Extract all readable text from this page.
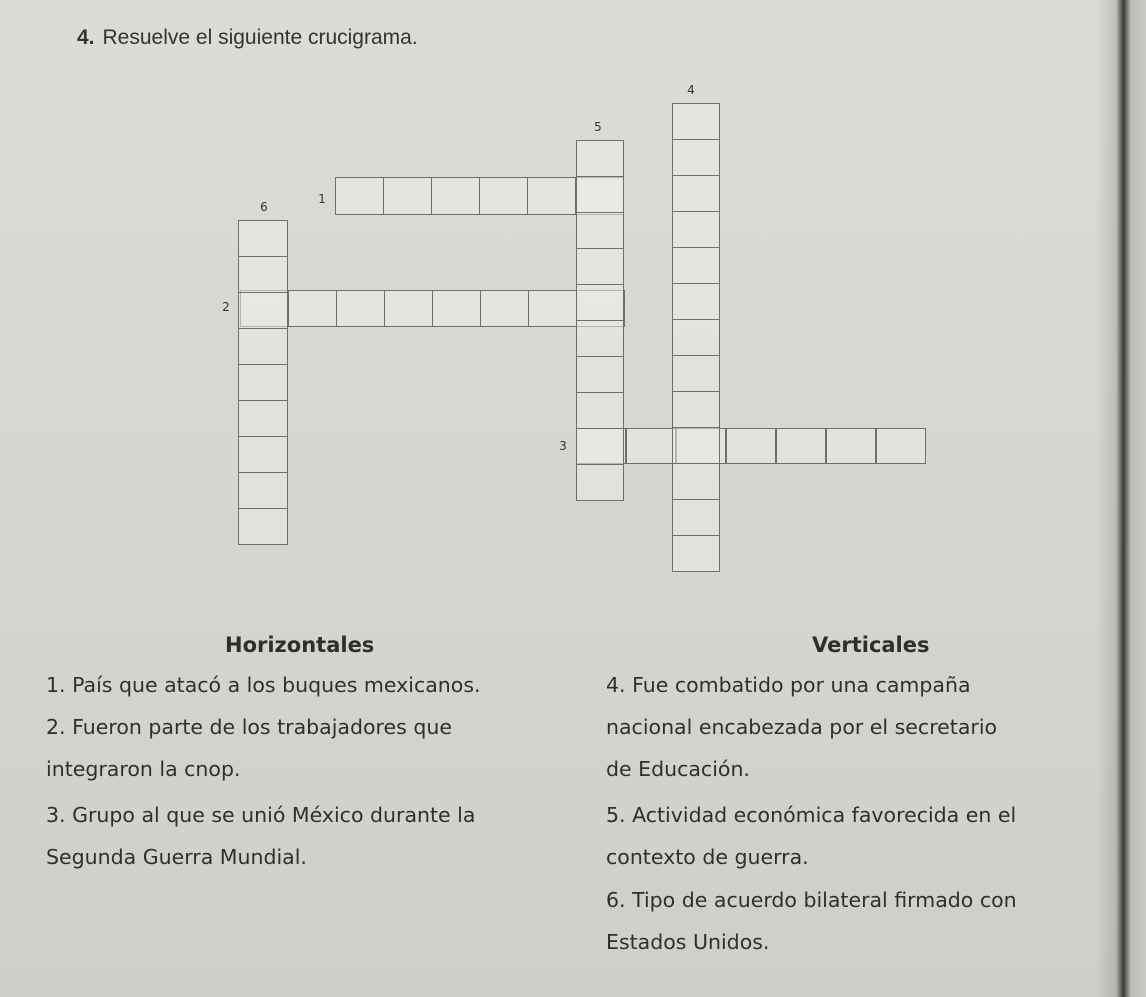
4. Resuelve el siguiente crucigrama.
1
2
3
4
5
6
Horizontales	Verticales
1. País que atacó a los buques mexicanos.
2. Fueron parte de los trabajadores que
integraron la cnop.
3. Grupo al que se unió México durante la
Segunda Guerra Mundial.
4. Fue combatido por una campaña
nacional encabezada por el secretario
de Educación.
5. Actividad económica favorecida en el
contexto de guerra.
6. Tipo de acuerdo bilateral firmado con
Estados Unidos.
